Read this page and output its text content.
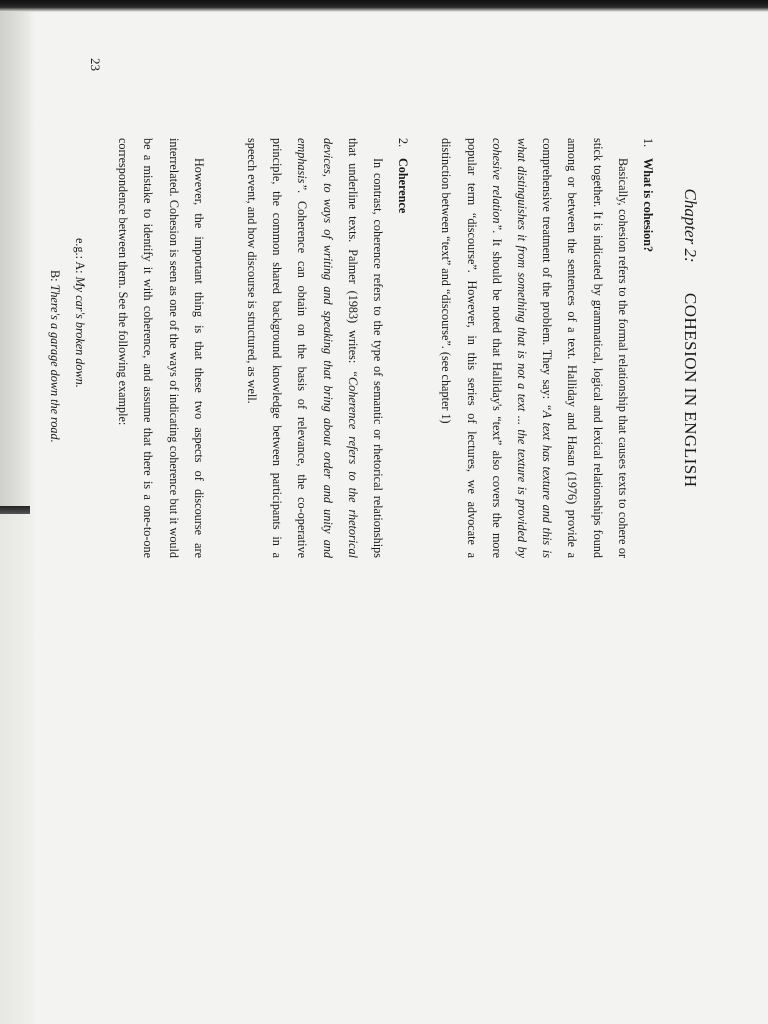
Chapter 2: COHESION IN ENGLISH

1.What is cohesion?

Basically, cohesion refers to the formal relationship that causes texts to cohere or stick together. It is indicated by grammatical, logical and lexical relationships found among or between the sentences of a text. Halliday and Hasan (1976) provide a comprehensive treatment of the problem. They say: “A text has texture and this is what distinguishes it from something that is not a text ... the texture is provided by cohesive relation”. It should be noted that Halliday's “text” also covers the more popular term “discourse”. However, in this series of lectures, we advocate a distinction between “text” and “discourse”. (see chapter 1)

2.Coherence

In contrast, coherence refers to the type of semantic or rhetorical relationships that underline texts. Palmer (1983) writes: “Coherence refers to the rhetorical devices, to ways of writing and speaking that bring about order and unity and emphasis”. Coherence can obtain on the basis of relevance, the co-operative principle, the common shared background knowledge between participants in a speech event, and how discourse is structured, as well.

However, the important thing is that these two aspects of discourse are interrelated. Cohesion is seen as one of the ways of indicating coherence but it would be a mistake to identify it with coherence, and assume that there is a one-to-one correspondence between them. See the following example:

e.g.: A: My car's broken down.

B: There's a garage down the road.

23
